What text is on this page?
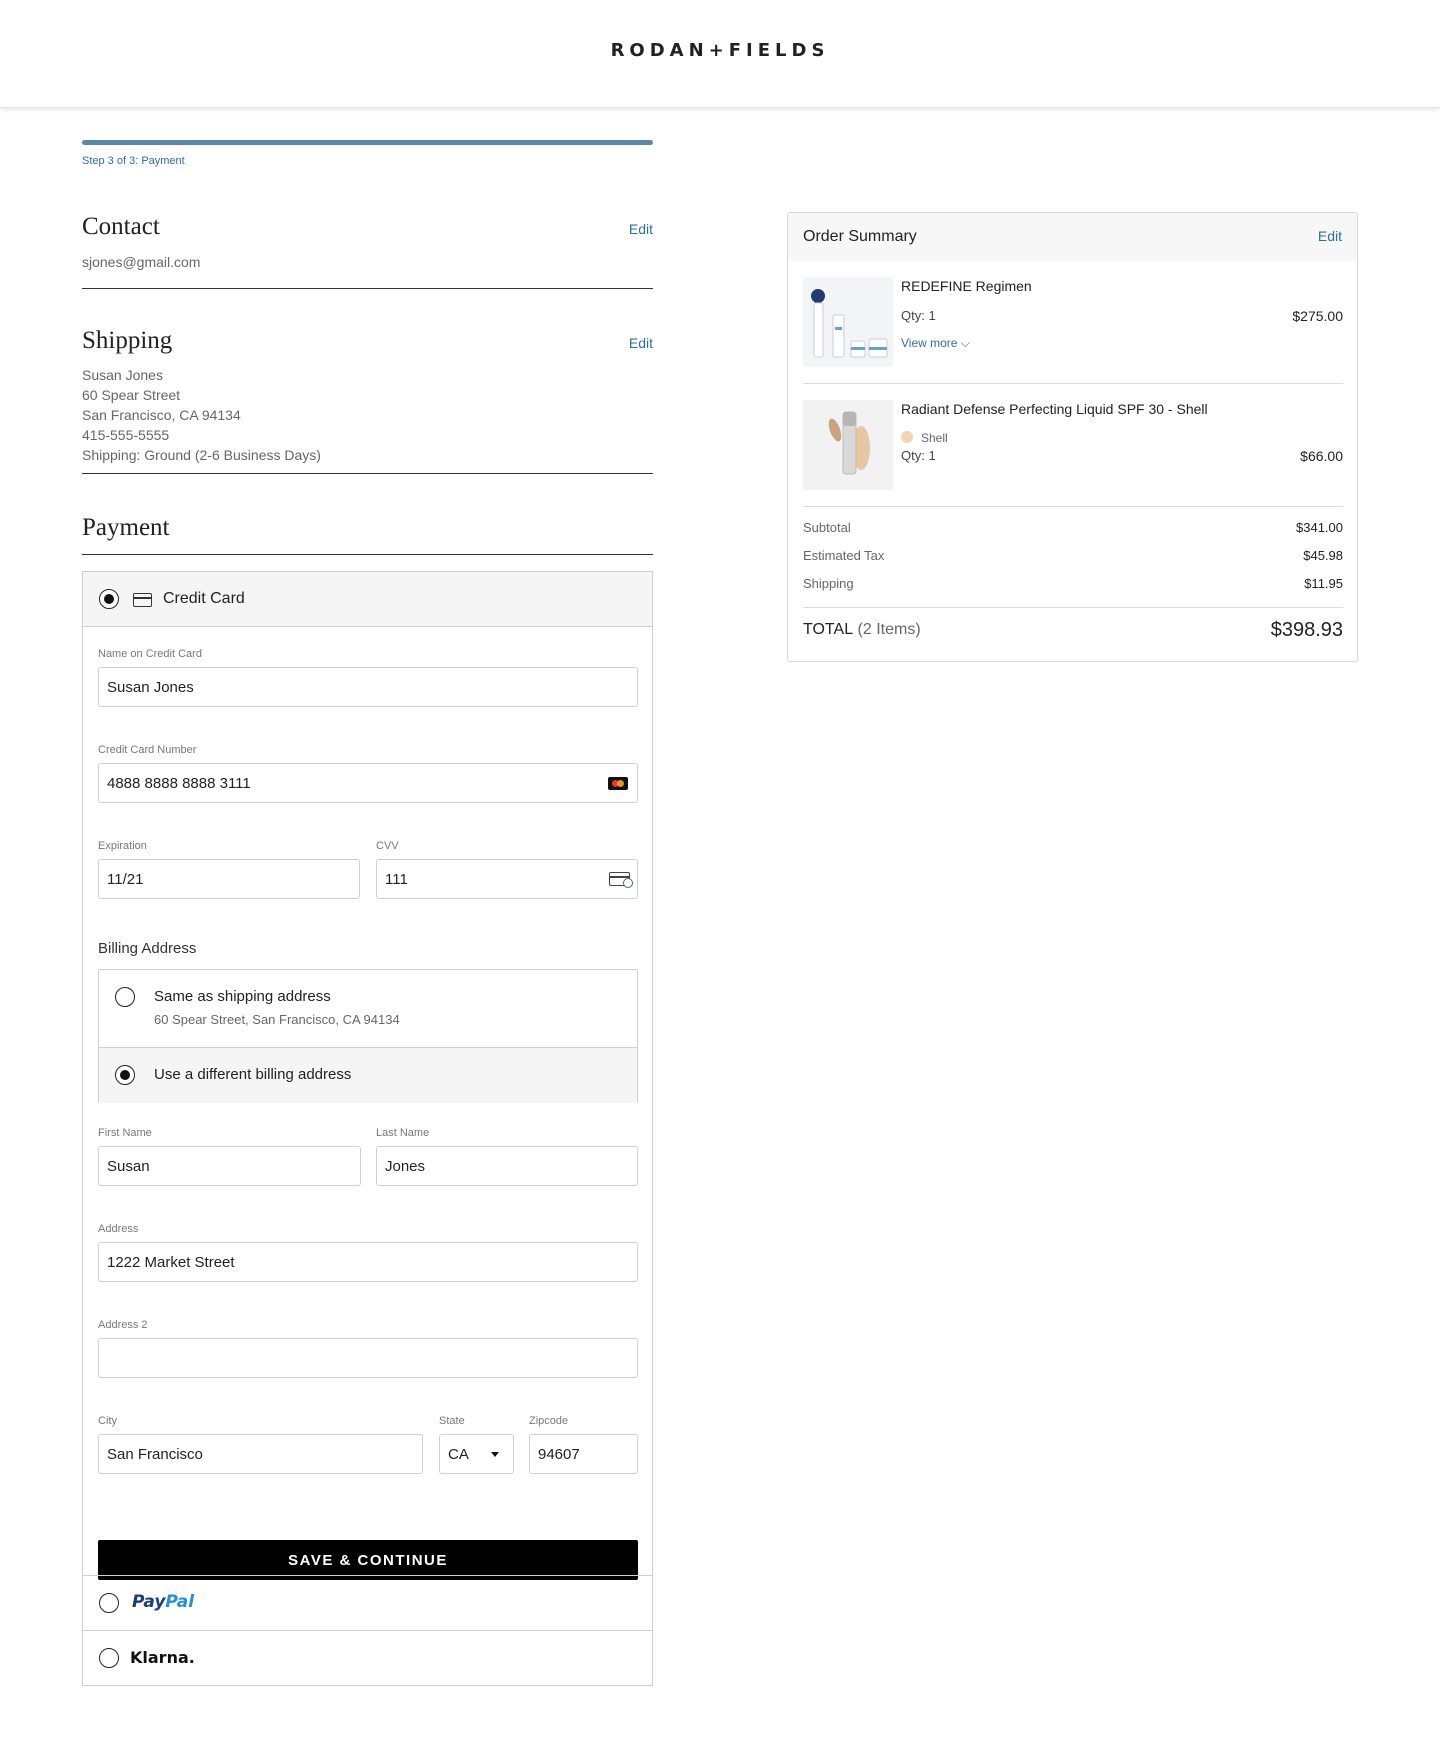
RODAN+FIELDS
Step 3 of 3: Payment
Contact	Edit
sjones@gmail.com
Shipping	Edit
Susan Jones
60 Spear Street
San Francisco, CA 94134
415-555-5555
Shipping: Ground (2-6 Business Days)
Payment
Credit Card
Name on Credit Card
Susan Jones
Credit Card Number
4888 8888 8888 3111
Expiration
11/21
CVV
111
Billing Address
Same as shipping address
60 Spear Street, San Francisco, CA 94134
Use a different billing address
First Name
Susan
Last Name
Jones
Address
1222 Market Street
Address 2
City
San Francisco
State
CA
Zipcode
94607
SAVE & CONTINUE
PayPal
Klarna.
Order Summary	Edit
REDEFINE Regimen
Qty: 1	$275.00
View more ⌵
Radiant Defense Perfecting Liquid SPF 30 - Shell
Shell
Qty: 1	$66.00
Subtotal	$341.00
Estimated Tax	$45.98
Shipping	$11.95
TOTAL (2 Items)	$398.93
